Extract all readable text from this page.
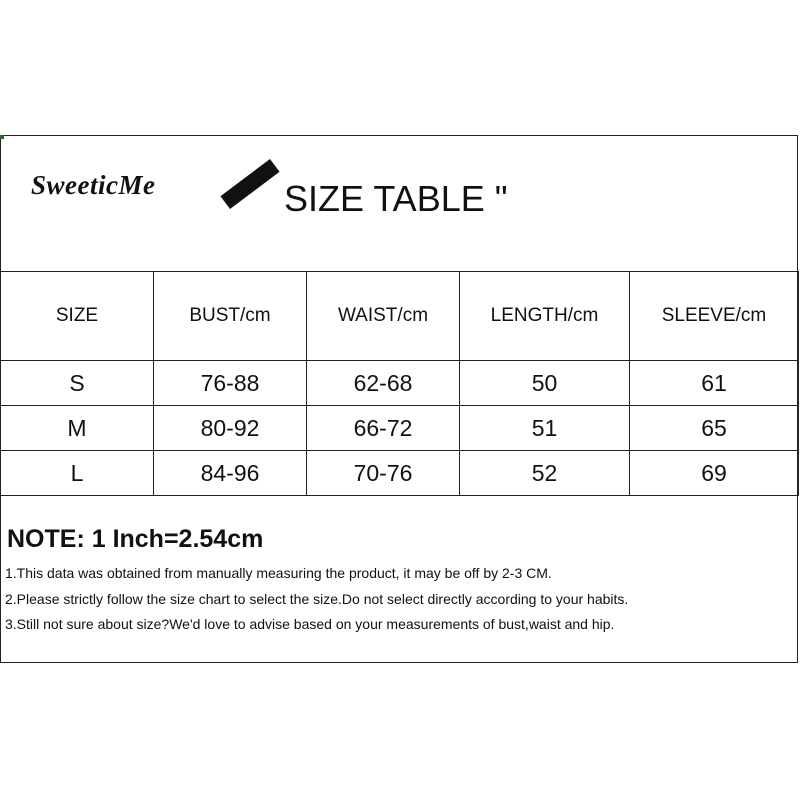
SweeticMe	SIZE TABLE "
NOTE: 1 Inch=2.54cm
1.This data was obtained from manually measuring the product, it may be off by 2-3 CM.
2.Please strictly follow the size chart to select the size.Do not select directly according to your habits.
3.Still not sure about size?We'd love to advise based on your measurements of bust,waist and hip.
SIZE	BUST/cm	WAIST/cm	LENGTH/cm	SLEEVE/cm
S	76-88	62-68	50	61
M	80-92	66-72	51	65
L	84-96	70-76	52	69
